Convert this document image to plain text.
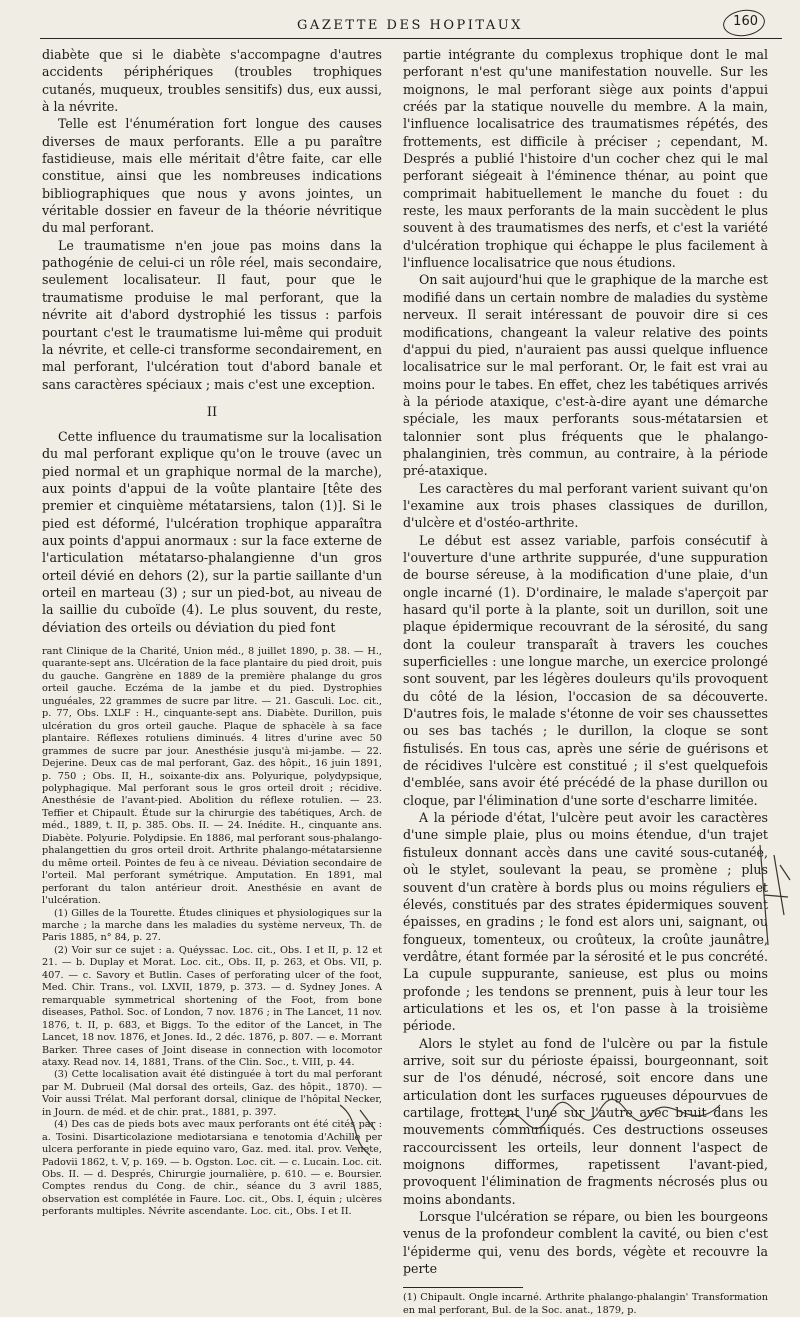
GAZETTE DES HOPITAUX	160

diabète que si le diabète s'accompagne d'autres accidents périphériques (troubles trophiques cutanés, muqueux, troubles sensitifs) dus, eux aussi, à la névrite.

Telle est l'énumération fort longue des causes diverses de maux perforants. Elle a pu paraître fastidieuse, mais elle méritait d'être faite, car elle constitue, ainsi que les nombreuses indications bibliographiques que nous y avons jointes, un véritable dossier en faveur de la théorie névritique du mal perforant.

Le traumatisme n'en joue pas moins dans la pathogénie de celui-ci un rôle réel, mais secondaire, seulement localisateur. Il faut, pour que le traumatisme produise le mal perforant, que la névrite ait d'abord dystrophié les tissus : parfois pourtant c'est le traumatisme lui-même qui produit la névrite, et celle-ci transforme secondairement, en mal perforant, l'ulcération tout d'abord banale et sans caractères spéciaux ; mais c'est une exception.

II

Cette influence du traumatisme sur la localisation du mal perforant explique qu'on le trouve (avec un pied normal et un graphique normal de la marche), aux points d'appui de la voûte plantaire [tête des premier et cinquième métatarsiens, talon (1)]. Si le pied est déformé, l'ulcération trophique apparaîtra aux points d'appui anormaux : sur la face externe de l'articulation métatarso-phalangienne d'un gros orteil dévié en dehors (2), sur la partie saillante d'un orteil en marteau (3) ; sur un pied-bot, au niveau de la saillie du cuboïde (4). Le plus souvent, du reste, déviation des orteils ou déviation du pied font

rant Clinique de la Charité, Union méd., 8 juillet 1890, p. 38. — H., quarante-sept ans. Ulcération de la face plantaire du pied droit, puis du gauche. Gangrène en 1889 de la première phalange du gros orteil gauche. Eczéma de la jambe et du pied. Dystrophies unguéales, 22 grammes de sucre par litre. — 21. Gasculi. Loc. cit., p. 77, Obs. LXLF : H., cinquante-sept ans. Diabète. Durillon, puis ulcération du gros orteil gauche. Plaque de sphacèle à sa face plantaire. Réflexes rotuliens diminués. 4 litres d'urine avec 50 grammes de sucre par jour. Anesthésie jusqu'à mi-jambe. — 22. Dejerine. Deux cas de mal perforant, Gaz. des hôpit., 16 juin 1891, p. 750 ; Obs. II, H., soixante-dix ans. Polyurique, polydypsique, polyphagique. Mal perforant sous le gros orteil droit ; récidive. Anesthésie de l'avant-pied. Abolition du réflexe rotulien. — 23. Teffier et Chipault. Étude sur la chirurgie des tabétiques, Arch. de méd., 1889, t. II, p. 385. Obs. II. — 24. Inédite. H., cinquante ans. Diabète. Polyurie. Polydipsie. En 1886, mal perforant sous-phalango-phalangettien du gros orteil droit. Arthrite phalango-métatarsienne du même orteil. Pointes de feu à ce niveau. Déviation secondaire de l'orteil. Mal perforant symétrique. Amputation. En 1891, mal perforant du talon antérieur droit. Anesthésie en avant de l'ulcération.

(1) Gilles de la Tourette. Études cliniques et physiologiques sur la marche ; la marche dans les maladies du système nerveux, Th. de Paris 1885, n° 84, p. 27.

(2) Voir sur ce sujet : a. Quéyssac. Loc. cit., Obs. I et II, p. 12 et 21. — b. Duplay et Morat. Loc. cit., Obs. II, p. 263, et Obs. VII, p. 407. — c. Savory et Butlin. Cases of perforating ulcer of the foot, Med. Chir. Trans., vol. LXVII, 1879, p. 373. — d. Sydney Jones. A remarquable symmetrical shortening of the Foot, from bone diseases, Pathol. Soc. of London, 7 nov. 1876 ; in The Lancet, 11 nov. 1876, t. II, p. 683, et Biggs. To the editor of the Lancet, in The Lancet, 18 nov. 1876, et Jones. Id., 2 déc. 1876, p. 807. — e. Morrant Barker. Three cases of Joint disease in connection with locomotor ataxy. Read nov. 14, 1881, Trans. of the Clin. Soc., t. VIII, p. 44.

(3) Cette localisation avait été distinguée à tort du mal perforant par M. Dubrueil (Mal dorsal des orteils, Gaz. des hôpit., 1870). — Voir aussi Trélat. Mal perforant dorsal, clinique de l'hôpital Necker, in Journ. de méd. et de chir. prat., 1881, p. 397.

(4) Des cas de pieds bots avec maux perforants ont été cités par : a. Tosini. Disarticolazione mediotarsiana e tenotomia d'Achille per ulcera perforante in piede equino varo, Gaz. med. ital. prov. Venete, Padovii 1862, t. V, p. 169. — b. Ogston. Loc. cit. — c. Lucain. Loc. cit. Obs. II. — d. Després, Chirurgie journalière, p. 610. — e. Boursier. Comptes rendus du Cong. de chir., séance du 3 avril 1885, observation est complétée in Faure. Loc. cit., Obs. I, équin ; ulcères perforants multiples. Névrite ascendante. Loc. cit., Obs. I et II.

partie intégrante du complexus trophique dont le mal perforant n'est qu'une manifestation nouvelle. Sur les moignons, le mal perforant siège aux points d'appui créés par la statique nouvelle du membre. A la main, l'influence localisatrice des traumatismes répétés, des frottements, est difficile à préciser ; cependant, M. Després a publié l'histoire d'un cocher chez qui le mal perforant siégeait à l'éminence thénar, au point que comprimait habituellement le manche du fouet : du reste, les maux perforants de la main succèdent le plus souvent à des traumatismes des nerfs, et c'est la variété d'ulcération trophique qui échappe le plus facilement à l'influence localisatrice que nous étudions.

On sait aujourd'hui que le graphique de la marche est modifié dans un certain nombre de maladies du système nerveux. Il serait intéressant de pouvoir dire si ces modifications, changeant la valeur relative des points d'appui du pied, n'auraient pas aussi quelque influence localisatrice sur le mal perforant. Or, le fait est vrai au moins pour le tabes. En effet, chez les tabétiques arrivés à la période ataxique, c'est-à-dire ayant une démarche spéciale, les maux perforants sous-métatarsien et talonnier sont plus fréquents que le phalango-phalanginien, très commun, au contraire, à la période pré-ataxique.

Les caractères du mal perforant varient suivant qu'on l'examine aux trois phases classiques de durillon, d'ulcère et d'ostéo-arthrite.

Le début est assez variable, parfois consécutif à l'ouverture d'une arthrite suppurée, d'une suppuration de bourse séreuse, à la modification d'une plaie, d'un ongle incarné (1). D'ordinaire, le malade s'aperçoit par hasard qu'il porte à la plante, soit un durillon, soit une plaque épidermique recouvrant de la sérosité, du sang dont la couleur transparaît à travers les couches superficielles : une longue marche, un exercice prolongé sont souvent, par les légères douleurs qu'ils provoquent du côté de la lésion, l'occasion de sa découverte. D'autres fois, le malade s'étonne de voir ses chaussettes ou ses bas tachés ; le durillon, la cloque se sont fistulisés. En tous cas, après une série de guérisons et de récidives l'ulcère est constitué ; il s'est quelquefois d'emblée, sans avoir été précédé de la phase durillon ou cloque, par l'élimination d'une sorte d'escharre limitée.

A la période d'état, l'ulcère peut avoir les caractères d'une simple plaie, plus ou moins étendue, d'un trajet fistuleux donnant accès dans une cavité sous-cutanée, où le stylet, soulevant la peau, se promène ; plus souvent d'un cratère à bords plus ou moins réguliers et élevés, constitués par des strates épidermiques souvent épaisses, en gradins ; le fond est alors uni, saignant, ou fongueux, tomenteux, ou croûteux, la croûte jaunâtre, verdâtre, étant formée par la sérosité et le pus concrété. La cupule suppurante, sanieuse, est plus ou moins profonde ; les tendons se prennent, puis à leur tour les articulations et les os, et l'on passe à la troisième période.

Alors le stylet au fond de l'ulcère ou par la fistule arrive, soit sur du périoste épaissi, bourgeonnant, soit sur de l'os dénudé, nécrosé, soit encore dans une articulation dont les surfaces rugueuses dépourvues de cartilage, frottent l'une sur l'autre avec bruit dans les mouvements communiqués. Ces destructions osseuses raccourcissent les orteils, leur donnent l'aspect de moignons difformes, rapetissent l'avant-pied, provoquent l'élimination de fragments nécrosés plus ou moins abondants.

Lorsque l'ulcération se répare, ou bien les bourgeons venus de la profondeur comblent la cavité, ou bien c'est l'épiderme qui, venu des bords, végète et recouvre la perte

(1) Chipault. Ongle incarné. Arthrite phalango-phalangin' Transformation en mal perforant, Bul. de la Soc. anat., 1879, p.
